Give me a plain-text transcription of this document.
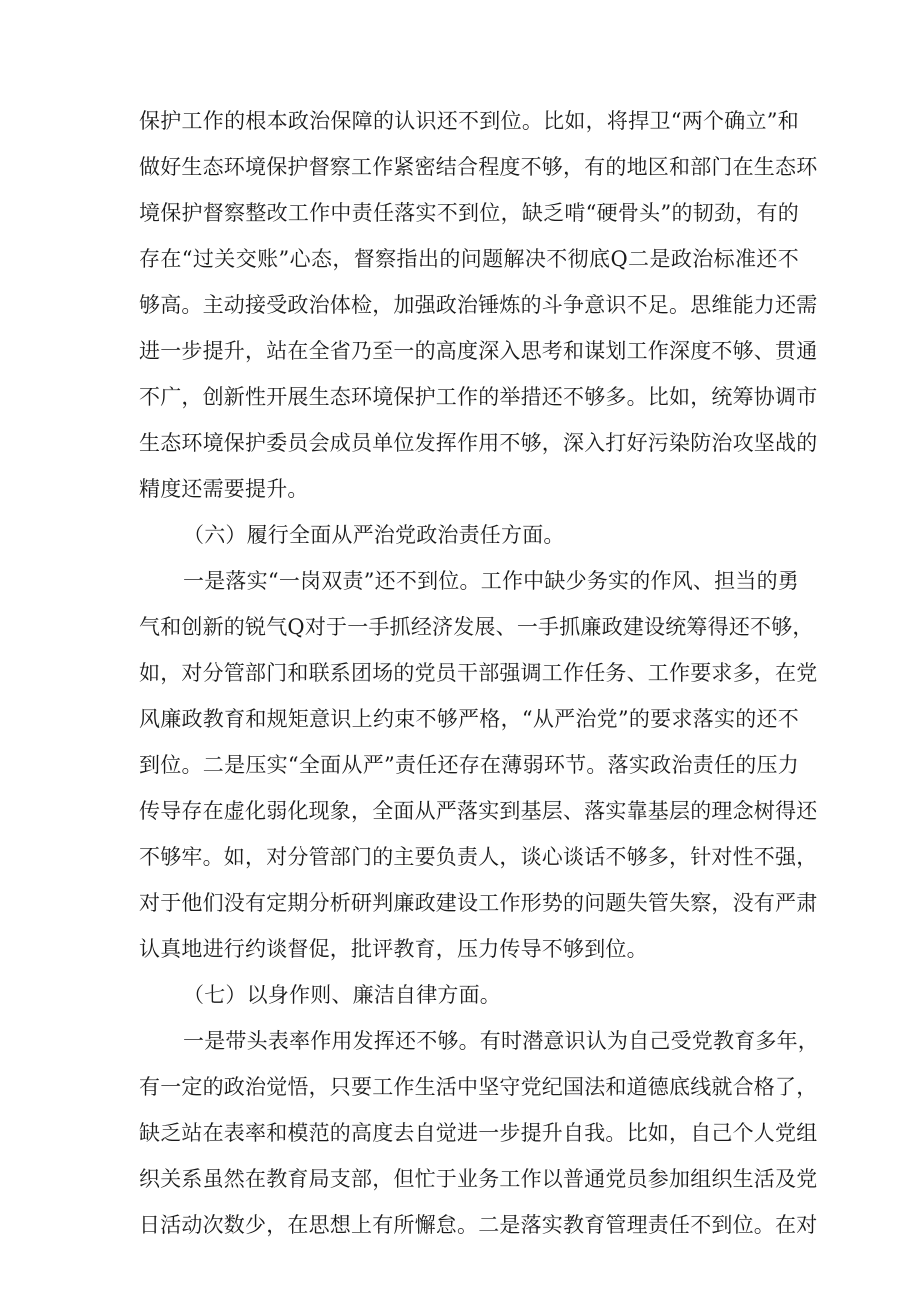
保护工作的根本政治保障的认识还不到位。比如，将捍卫“两个确立”和
做好生态环境保护督察工作紧密结合程度不够，有的地区和部门在生态环
境保护督察整改工作中责任落实不到位，缺乏啃“硬骨头”的韧劲，有的
存在“过关交账”心态，督察指出的问题解决不彻底Q二是政治标准还不
够高。主动接受政治体检，加强政治锤炼的斗争意识不足。思维能力还需
进一步提升，站在全省乃至一的高度深入思考和谋划工作深度不够、贯通
不广，创新性开展生态环境保护工作的举措还不够多。比如，统筹协调市
生态环境保护委员会成员单位发挥作用不够，深入打好污染防治攻坚战的
精度还需要提升。
（六）履行全面从严治党政治责任方面。
一是落实“一岗双责”还不到位。工作中缺少务实的作风、担当的勇
气和创新的锐气Q对于一手抓经济发展、一手抓廉政建设统筹得还不够，
如，对分管部门和联系团场的党员干部强调工作任务、工作要求多，在党
风廉政教育和规矩意识上约束不够严格，“从严治党”的要求落实的还不
到位。二是压实“全面从严”责任还存在薄弱环节。落实政治责任的压力
传导存在虚化弱化现象，全面从严落实到基层、落实靠基层的理念树得还
不够牢。如，对分管部门的主要负责人，谈心谈话不够多，针对性不强，
对于他们没有定期分析研判廉政建设工作形势的问题失管失察，没有严肃
认真地进行约谈督促，批评教育，压力传导不够到位。
（七）以身作则、廉洁自律方面。
一是带头表率作用发挥还不够。有时潜意识认为自己受党教育多年，
有一定的政治觉悟，只要工作生活中坚守党纪国法和道德底线就合格了，
缺乏站在表率和模范的高度去自觉进一步提升自我。比如，自己个人党组
织关系虽然在教育局支部，但忙于业务工作以普通党员参加组织生活及党
日活动次数少，在思想上有所懈怠。二是落实教育管理责任不到位。在对
